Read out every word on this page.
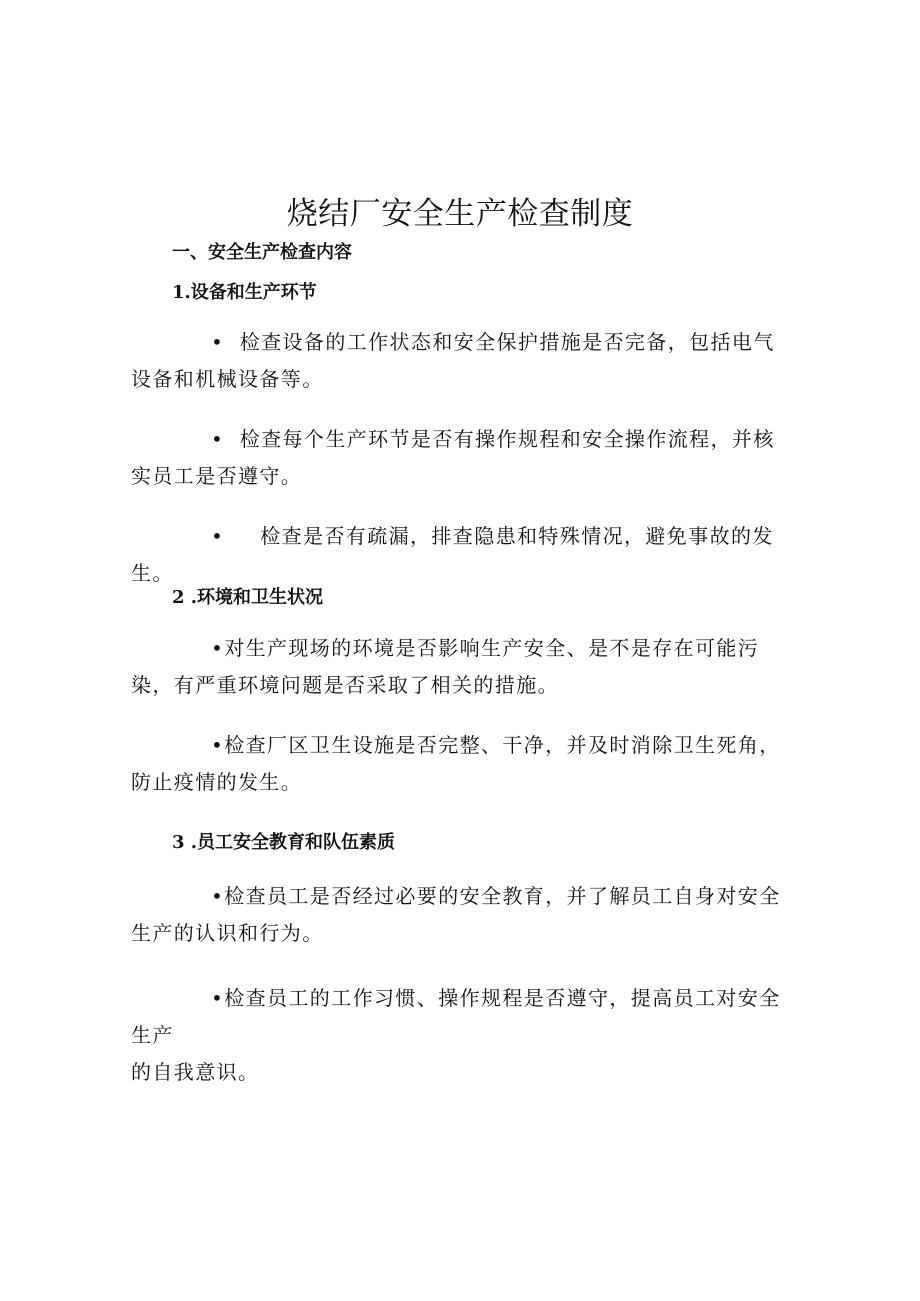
烧结厂安全生产检查制度
一、安全生产检查内容
1.设备和生产环节
• 检查设备的工作状态和安全保护措施是否完备，包括电气设备和机械设备等。
• 检查每个生产环节是否有操作规程和安全操作流程，并核实员工是否遵守。
• 检查是否有疏漏，排查隐患和特殊情况，避免事故的发生。
2 .环境和卫生状况
•对生产现场的环境是否影响生产安全、是不是存在可能污染，有严重环境问题是否采取了相关的措施。
•检查厂区卫生设施是否完整、干净，并及时消除卫生死角，防止疫情的发生。
3 .员工安全教育和队伍素质
•检查员工是否经过必要的安全教育，并了解员工自身对安全生产的认识和行为。
•检查员工的工作习惯、操作规程是否遵守，提高员工对安全生产
的自我意识。
